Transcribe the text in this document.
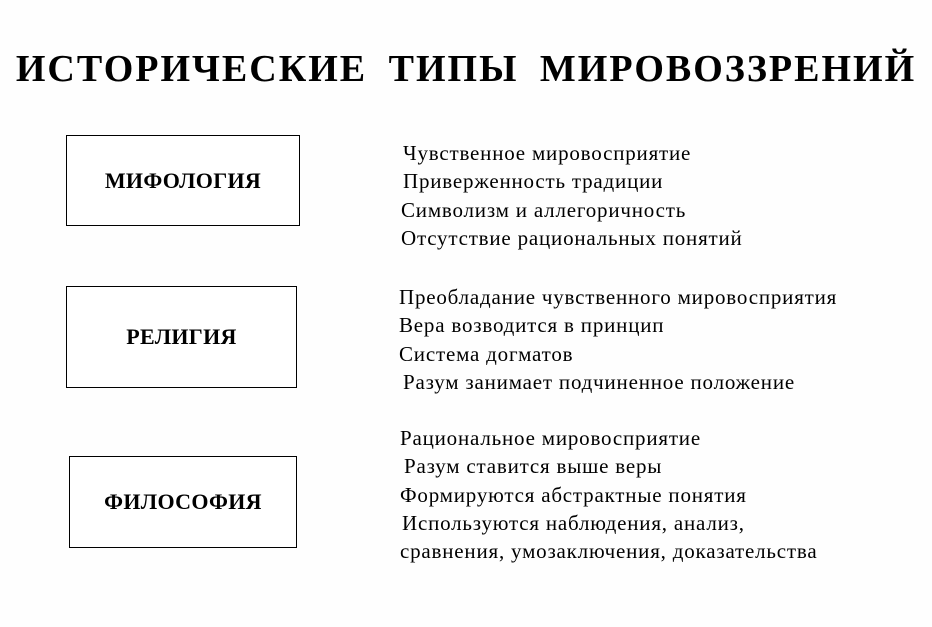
ИСТОРИЧЕСКИЕ ТИПЫ МИРОВОЗЗРЕНИЙ
МИФОЛОГИЯ
Чувственное мировосприятие
Приверженность традиции
Символизм и аллегоричность
Отсутствие рациональных понятий
РЕЛИГИЯ
Преобладание чувственного мировосприятия
Вера возводится в принцип
Система догматов
Разум занимает подчиненное положение
ФИЛОСОФИЯ
Рациональное мировосприятие
Разум ставится выше веры
Формируются абстрактные понятия
Используются наблюдения, анализ,
сравнения, умозаключения, доказательства
